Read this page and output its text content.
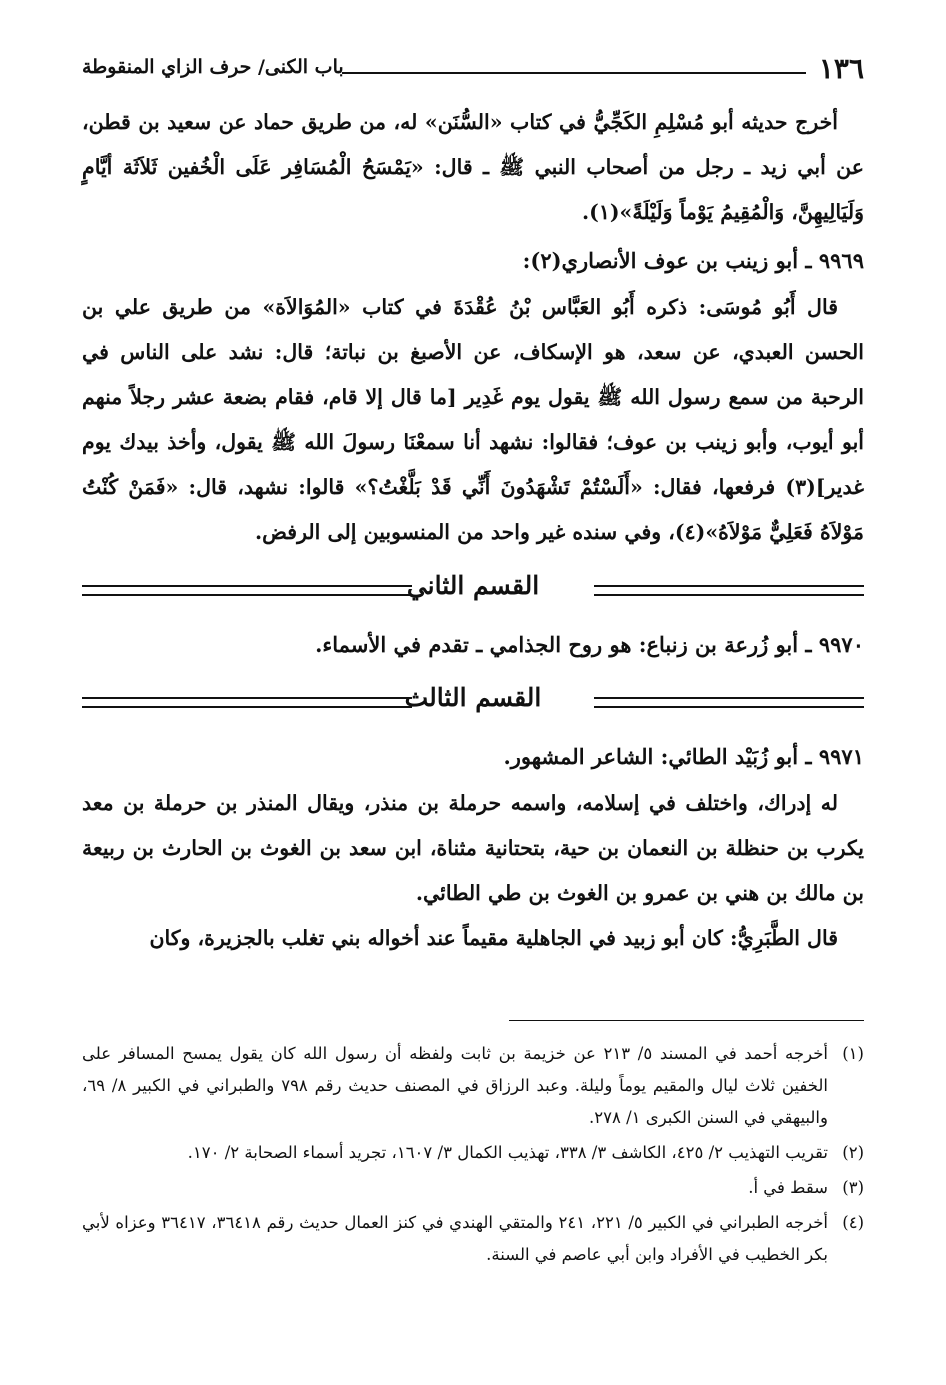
١٣٦
باب الكنى/ حرف الزاي المنقوطة

أخرج حديثه أبو مُسْلِمِ الكَجِّيُّ في كتاب «السُّنَن» له، من طريق حماد عن سعيد بن قطن، عن أبي زيد ـ رجل من أصحاب النبي ﷺ ـ قال: «يَمْسَحُ الْمُسَافِر عَلَى الْخُفين ثَلاَثَة أيَّامٍ وَلَيَالِيهِنَّ، وَالْمُقِيمُ يَوْماً وَلَيْلَةً»(١).

٩٩٦٩ ـ أبو زينب بن عوف الأنصاري(٢):

قال أَبُو مُوسَى: ذكره أَبُو العَبَّاس بْنُ عُقْدَةَ في كتاب «المُوَالاَة» من طريق علي بن الحسن العبدي، عن سعد، هو الإسكاف، عن الأصبغ بن نباتة؛ قال: نشد على الناس في الرحبة من سمع رسول الله ﷺ يقول يوم غَدِير [ما قال إلا قام، فقام بضعة عشر رجلاً منهم أبو أيوب، وأبو زينب بن عوف؛ فقالوا: نشهد أنا سمعْنَا رسولَ الله ﷺ يقول، وأخذ بيدك يوم غدير](٣) فرفعها، فقال: «أَلَسْتُمْ تَشْهَدُونَ أَنِّي قَدْ بَلَّغْتُ؟» قالوا: نشهد، قال: «فَمَنْ كُنْتُ مَوْلاَهُ فَعَلِيٌّ مَوْلاَهُ»(٤)، وفي سنده غير واحد من المنسوبين إلى الرفض.

القسم الثاني
٩٩٧٠ ـ أبو زُرعة بن زنباع: هو روح الجذامي ـ تقدم في الأسماء.
القسم الثالث
٩٩٧١ ـ أبو زُبَيْد الطائي: الشاعر المشهور.

له إدراك، واختلف في إسلامه، واسمه حرملة بن منذر، ويقال المنذر بن حرملة بن معد يكرب بن حنظلة بن النعمان بن حية، بتحتانية مثناة، ابن سعد بن الغوث بن الحارث بن ربيعة بن مالك بن هني بن عمرو بن الغوث بن طي الطائي.

قال الطَّبَرِيُّ: كان أبو زبيد في الجاهلية مقيماً عند أخواله بني تغلب بالجزيرة، وكان

(١)أخرجه أحمد في المسند ٥/ ٢١٣ عن خزيمة بن ثابت ولفظه أن رسول الله كان يقول يمسح المسافر على الخفين ثلاث ليال والمقيم يوماً وليلة. وعبد الرزاق في المصنف حديث رقم ٧٩٨ والطبراني في الكبير ٨/ ٦٩، والبيهقي في السنن الكبرى ١/ ٢٧٨.

(٢)تقريب التهذيب ٢/ ٤٢٥، الكاشف ٣/ ٣٣٨، تهذيب الكمال ٣/ ١٦٠٧، تجريد أسماء الصحابة ٢/ ١٧٠.

(٣)سقط في أ.

(٤)أخرجه الطبراني في الكبير ٥/ ٢٢١، ٢٤١ والمتقي الهندي في كنز العمال حديث رقم ٣٦٤١٨، ٣٦٤١٧ وعزاه لأبي بكر الخطيب في الأفراد وابن أبي عاصم في السنة.
